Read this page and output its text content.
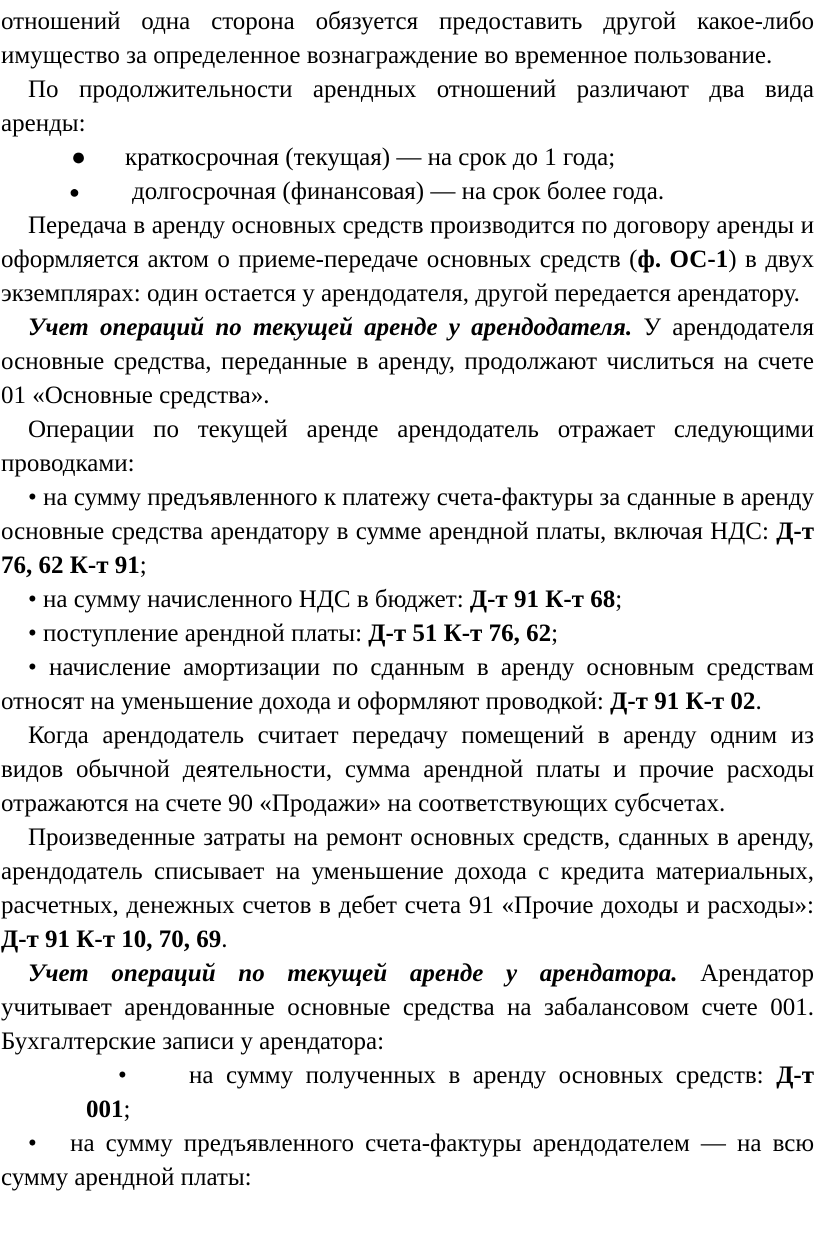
отношений одна сторона обязуется предоставить другой какое-либо имущество за определенное вознаграждение во временное пользование.

По продолжительности арендных отношений различают два вида аренды:

● краткосрочная (текущая) — на срок до 1 года;

● долгосрочная (финансовая) — на срок более года.

Передача в аренду основных средств производится по договору аренды и оформляется актом о приеме-передаче основных средств (ф. ОС-1) в двух экземплярах: один остается у арендодателя, другой передается арендатору.

Учет операций по текущей аренде у арендодателя. У арендодателя основные средства, переданные в аренду, продолжают числиться на счете 01 «Основные средства».

Операции по текущей аренде арендодатель отражает следующими проводками:

• на сумму предъявленного к платежу счета-фактуры за сданные в аренду основные средства арендатору в сумме арендной платы, включая НДС: Д-т 76, 62 К-т 91;

• на сумму начисленного НДС в бюджет: Д-т 91 К-т 68;

• поступление арендной платы: Д-т 51 К-т 76, 62;

• начисление амортизации по сданным в аренду основным средствам относят на уменьшение дохода и оформляют проводкой: Д-т 91 К-т 02.

Когда арендодатель считает передачу помещений в аренду одним из видов обычной деятельности, сумма арендной платы и прочие расходы отражаются на счете 90 «Продажи» на соответствующих субсчетах.

Произведенные затраты на ремонт основных средств, сданных в аренду, арендодатель списывает на уменьшение дохода с кредита материальных, расчетных, денежных счетов в дебет счета 91 «Прочие доходы и расходы»: Д-т 91 К-т 10, 70, 69.

Учет операций по текущей аренде у арендатора. Арендатор учитывает арендованные основные средства на забалансовом счете 001. Бухгалтерские записи у арендатора:

• на сумму полученных в аренду основных средств: Д-т 001;

• на сумму предъявленного счета-фактуры арендодателем — на всю сумму арендной платы:
